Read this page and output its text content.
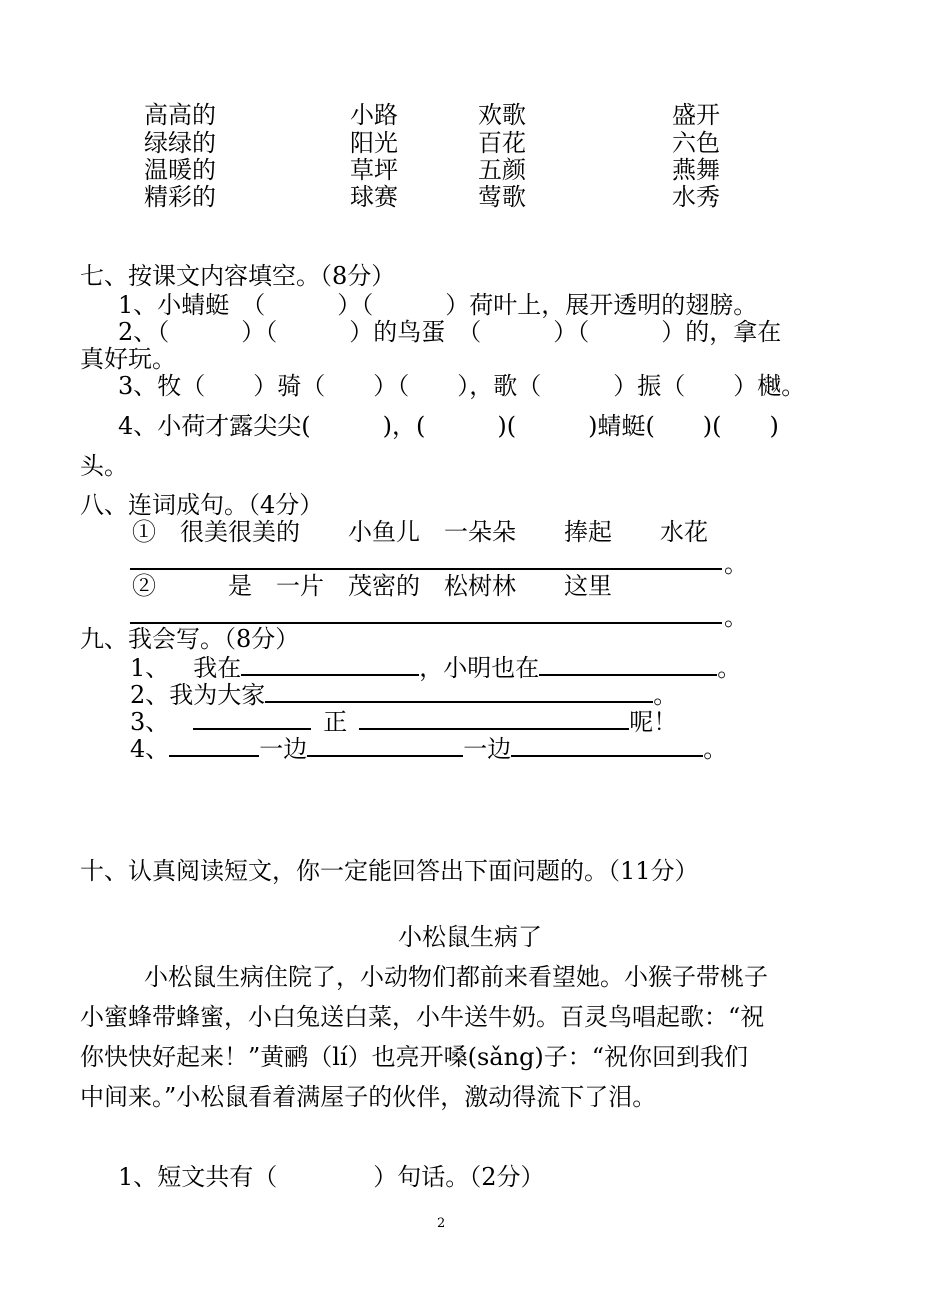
高高的	小路	欢歌	盛开
绿绿的	阳光	百花	六色
温暖的	草坪	五颜	燕舞
精彩的	球赛	莺歌	水秀
七、按课文内容填空。（8分）
1、小蜻蜓　（　　　）（　　　）荷叶上，展开透明的翅膀。
2、（　　　）（　　　）的鸟蛋　（　　　）（　　　）的，拿在
真好玩。
3、牧（　　）骑（　　）（　　），歌（　　　）振（　　）樾。
4、小荷才露尖尖(　　　)，(　　　)(　　　)蜻蜓(　　)(　　)
头。
八、连词成句。（4分）
①　很美很美的　　小鱼儿　一朵朵　　捧起　　水花
。
②　　　是　一片　茂密的　松树林　　这里
。
九、我会写。（8分）
1、 我在	，小明也在	。
2、我为大家	。
3、	正	呢！
4、	一边	一边	。
十、认真阅读短文，你一定能回答出下面问题的。（11分）
小松鼠生病了
小松鼠生病住院了，小动物们都前来看望她。小猴子带桃子
小蜜蜂带蜂蜜，小白兔送白菜，小牛送牛奶。百灵鸟唱起歌：“祝
你快快好起来！”黄鹂（lí）也亮开嗓(sǎng)子：“祝你回到我们
中间来。”小松鼠看着满屋子的伙伴，激动得流下了泪。
1、短文共有（　　　　）句话。（2分）
2
